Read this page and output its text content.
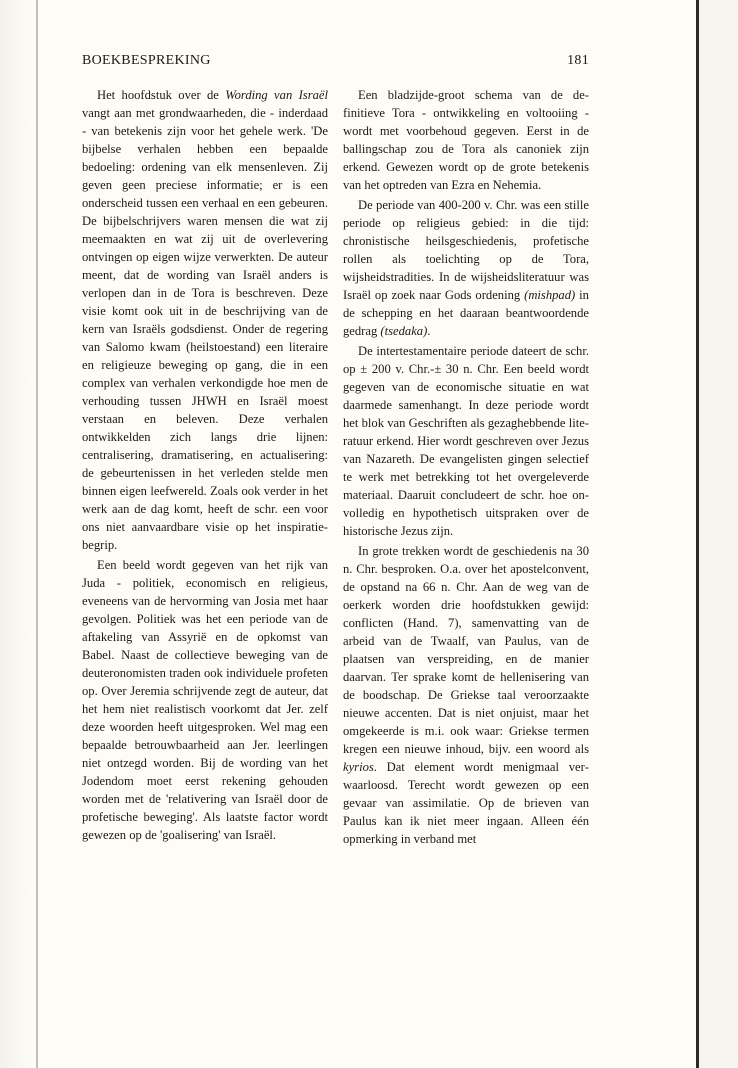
BOEKBESPREKING	181

Het hoofdstuk over de Wording van Israël vangt aan met grondwaarheden, die - inderdaad - van betekenis zijn voor het gehele werk. 'De bijbelse verhalen hebben een bepaalde bedoeling: ordening van elk mensenleven. Zij geven geen preciese informatie; er is een onderscheid tussen een verhaal en een gebeuren. De bijbelschrijvers waren mensen die wat zij meemaakten en wat zij uit de overlevering ontvingen op eigen wijze verwerkten. De auteur meent, dat de wording van Israël anders is verlopen dan in de Tora is beschreven. Deze visie komt ook uit in de beschrijving van de kern van Israëls godsdienst. Onder de regering van Salomo kwam (heilstoestand) een literaire en religieuze beweging op gang, die in een complex van verhalen verkondigde hoe men de verhouding tussen JHWH en Israël moest verstaan en beleven. Deze verhalen ontwikkelden zich langs drie lijnen: centralisering, dramatisering, en actualisering: de gebeurtenissen in het verleden stelde men binnen eigen leefwereld. Zoals ook verder in het werk aan de dag komt, heeft de schr. een voor ons niet aanvaardbare visie op het inspiratie-begrip.

Een beeld wordt gegeven van het rijk van Juda - politiek, economisch en religieus, eveneens van de hervorming van Josia met haar gevolgen. Politiek was het een periode van de aftakeling van Assyrië en de opkomst van Babel. Naast de collectieve beweging van de deuteronomisten traden ook individuele profeten op. Over Jeremia schrijvende zegt de auteur, dat het hem niet realistisch voorkomt dat Jer. zelf deze woorden heeft uitgesproken. Wel mag een bepaalde betrouwbaarheid aan Jer. leerlingen niet ontzegd worden. Bij de wording van het Jodendom moet eerst rekening gehouden worden met de 'relativering van Israël door de profetische beweging'. Als laatste factor wordt gewezen op de 'goalisering' van Israël.

Een bladzijde-groot schema van de definitieve Tora - ontwikkeling en voltooiing - wordt met voorbehoud gegeven. Eerst in de ballingschap zou de Tora als canoniek zijn erkend. Gewezen wordt op de grote betekenis van het optreden van Ezra en Nehemia.

De periode van 400-200 v. Chr. was een stille periode op religieus gebied: in die tijd: chronistische heilsgeschiedenis, profetische rollen als toelichting op de Tora, wijsheidstradities. In de wijsheidsliteratuur was Israël op zoek naar Gods ordening (mishpad) in de schepping en het daaraan beantwoordende gedrag (tsedaka).

De intertestamentaire periode dateert de schr. op ± 200 v. Chr.-± 30 n. Chr. Een beeld wordt gegeven van de economische situatie en wat daarmede samenhangt. In deze periode wordt het blok van Geschriften als gezaghebbende literatuur erkend. Hier wordt geschreven over Jezus van Nazareth. De evangelisten gingen selectief te werk met betrekking tot het overgeleverde materiaal. Daaruit concludeert de schr. hoe onvolledig en hypothetisch uitspraken over de historische Jezus zijn.

In grote trekken wordt de geschiedenis na 30 n. Chr. besproken. O.a. over het apostelconvent, de opstand na 66 n. Chr. Aan de weg van de oerkerk worden drie hoofdstukken gewijd: conflicten (Hand. 7), samenvatting van de arbeid van de Twaalf, van Paulus, van de plaatsen van verspreiding, en de manier daarvan. Ter sprake komt de hellenisering van de boodschap. De Griekse taal veroorzaakte nieuwe accenten. Dat is niet onjuist, maar het omgekeerde is m.i. ook waar: Griekse termen kregen een nieuwe inhoud, bijv. een woord als kyrios. Dat element wordt menigmaal verwaarloosd. Terecht wordt gewezen op een gevaar van assimilatie. Op de brieven van Paulus kan ik niet meer ingaan. Alleen één opmerking in verband met
